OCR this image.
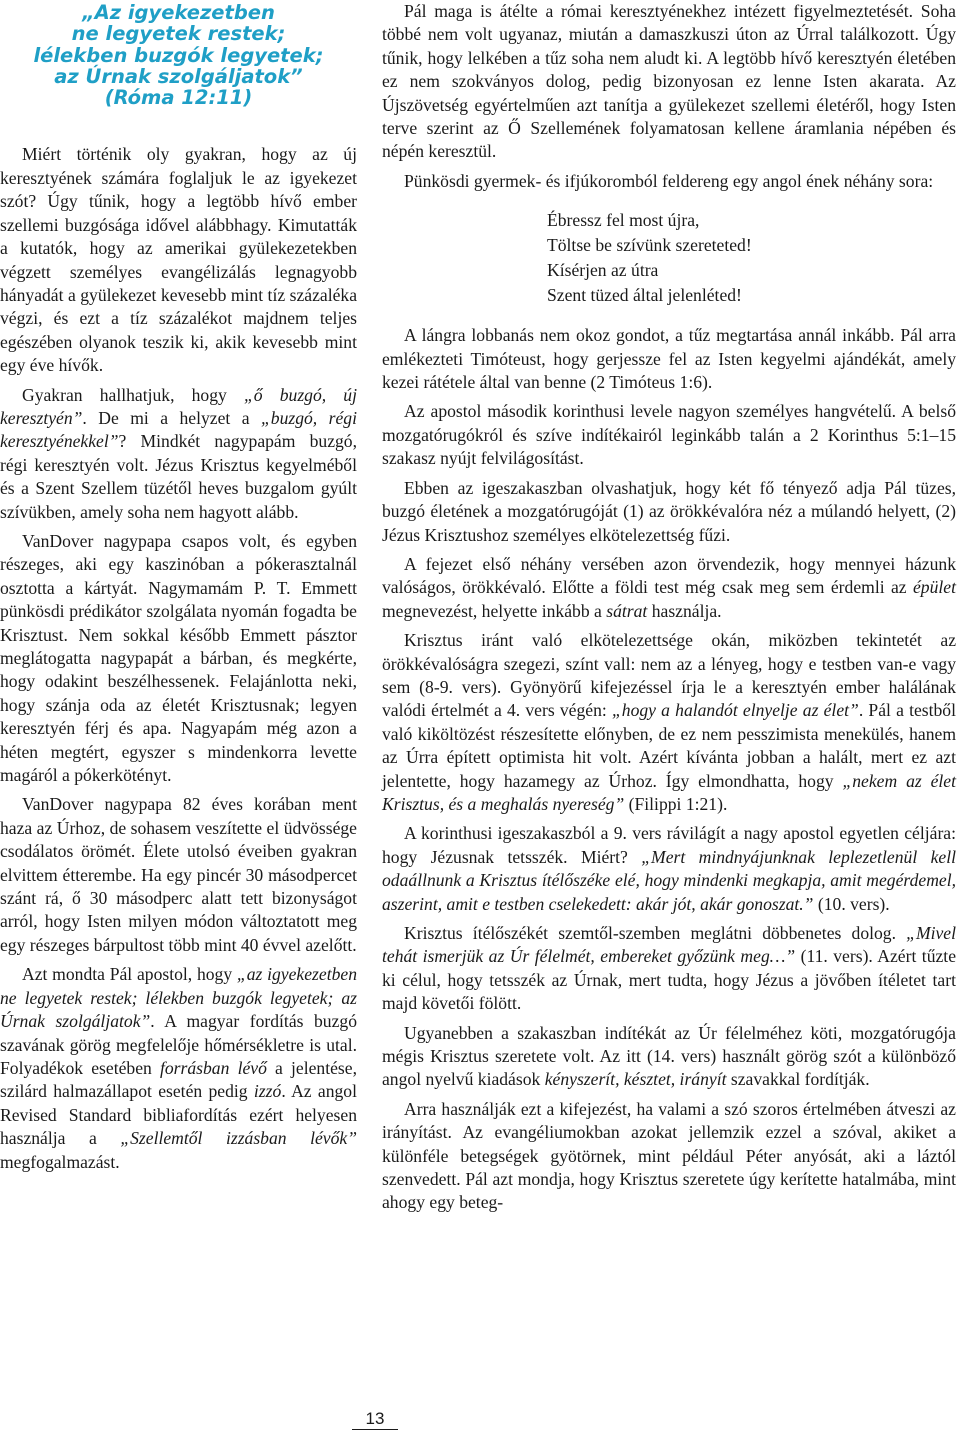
„Az igyekezetben
ne legyetek restek;
lélekben buzgók legyetek;
az Úrnak szolgáljatok”
(Róma 12:11)

Miért történik oly gyakran, hogy az új keresztyének számára foglaljuk le az igyekezet szót? Úgy tűnik, hogy a legtöbb hívő ember szellemi buzgósága idővel alábbhagy. Kimutatták a kutatók, hogy az amerikai gyülekezetekben végzett személyes evangélizálás legnagyobb hányadát a gyülekezet kevesebb mint tíz százaléka végzi, és ezt a tíz százalékot majdnem teljes egészében olyanok teszik ki, akik kevesebb mint egy éve hívők.

Gyakran hallhatjuk, hogy „ő buzgó, új keresztyén”. De mi a helyzet a „buzgó, régi keresztyénekkel”? Mindkét nagypapám buzgó, régi keresztyén volt. Jézus Krisztus kegyelméből és a Szent Szellem tüzétől heves buzgalom gyúlt szívükben, amely soha nem hagyott alább.

VanDover nagypapa csapos volt, és egyben részeges, aki egy kaszinóban a pókerasztalnál osztotta a kártyát. Nagymamám P. T. Emmett pünkösdi prédikátor szolgálata nyomán fogadta be Krisztust. Nem sokkal később Emmett pásztor meglátogatta nagypapát a bárban, és megkérte, hogy odakint beszélhessenek. Felajánlotta neki, hogy szánja oda az életét Krisztusnak; legyen keresztyén férj és apa. Nagyapám még azon a héten megtért, egyszer s mindenkorra levette magáról a pókerkötényt.

VanDover nagypapa 82 éves korában ment haza az Úrhoz, de sohasem veszítette el üdvössége csodálatos örömét. Élete utolsó éveiben gyakran elvittem étterembe. Ha egy pincér 30 másodpercet szánt rá, ő 30 másodperc alatt tett bizonyságot arról, hogy Isten milyen módon változtatott meg egy részeges bárpultost több mint 40 évvel azelőtt.

Azt mondta Pál apostol, hogy „az igyekezetben ne legyetek restek; lélekben buzgók legyetek; az Úrnak szolgáljatok”. A magyar fordítás buzgó szavának görög megfelelője hőmérsékletre is utal. Folyadékok esetében forrásban lévő a jelentése, szilárd halmazállapot esetén pedig izzó. Az angol Revised Standard bibliafordítás ezért helyesen használja a „Szellemtől izzásban lévők” megfogalmazást.

Pál maga is átélte a római keresztyénekhez intézett figyelmeztetését. Soha többé nem volt ugyanaz, miután a damaszkuszi úton az Úrral találkozott. Úgy tűnik, hogy lelkében a tűz soha nem aludt ki. A legtöbb hívő keresztyén életében ez nem szokványos dolog, pedig bizonyosan ez lenne Isten akarata. Az Újszövetség egyértelműen azt tanítja a gyülekezet szellemi életéről, hogy Isten terve szerint az Ő Szellemének folyamatosan kellene áramlania népében és népén keresztül.

Pünkösdi gyermek- és ifjúkoromból feldereng egy angol ének néhány sora:

Ébressz fel most újra,
Töltse be szívünk szereteted!
Kísérjen az útra
Szent tüzed által jelenléted!

A lángra lobbanás nem okoz gondot, a tűz megtartása annál inkább. Pál arra emlékezteti Timóteust, hogy gerjessze fel az Isten kegyelmi ajándékát, amely kezei rátétele által van benne (2 Timóteus 1:6).

Az apostol második korinthusi levele nagyon személyes hangvételű. A belső mozgatórugókról és szíve indítékairól leginkább talán a 2 Korinthus 5:1–15 szakasz nyújt felvilágosítást.

Ebben az igeszakaszban olvashatjuk, hogy két fő tényező adja Pál tüzes, buzgó életének a mozgatórugóját (1) az örökkévalóra néz a múlandó helyett, (2) Jézus Krisztushoz személyes elkötelezettség fűzi.

A fejezet első néhány versében azon örvendezik, hogy mennyei házunk valóságos, örökkévaló. Előtte a földi test még csak meg sem érdemli az épület megnevezést, helyette inkább a sátrat használja.

Krisztus iránt való elkötelezettsége okán, miközben tekintetét az örökkévalóságra szegezi, színt vall: nem az a lényeg, hogy e testben van-e vagy sem (8-9. vers). Gyönyörű kifejezéssel írja le a keresztyén ember halálának valódi értelmét a 4. vers végén: „hogy a halandót elnyelje az élet”. Pál a testből való kiköltözést részesítette előnyben, de ez nem pesszimista menekülés, hanem az Úrra épített optimista hit volt. Azért kívánta jobban a halált, mert ez azt jelentette, hogy hazamegy az Úrhoz. Így elmondhatta, hogy „nekem az élet Krisztus, és a meghalás nyereség” (Filippi 1:21).

A korinthusi igeszakaszból a 9. vers rávilágít a nagy apostol egyetlen céljára: hogy Jézusnak tetsszék. Miért? „Mert mindnyájunknak leplezetlenül kell odaállnunk a Krisztus ítélőszéke elé, hogy mindenki megkapja, amit megérdemel, aszerint, amit e testben cselekedett: akár jót, akár gonoszat.” (10. vers).

Krisztus ítélőszékét szemtől-szemben meglátni döbbenetes dolog. „Mivel tehát ismerjük az Úr félelmét, embereket győzünk meg…” (11. vers). Azért tűzte ki célul, hogy tetsszék az Úrnak, mert tudta, hogy Jézus a jövőben ítéletet tart majd követői fölött.

Ugyanebben a szakaszban indítékát az Úr félelméhez köti, mozgatórugója mégis Krisztus szeretete volt. Az itt (14. vers) használt görög szót a különböző angol nyelvű kiadások kényszerít, késztet, irányít szavakkal fordítják.

Arra használják ezt a kifejezést, ha valami a szó szoros értelmében átveszi az irányítást. Az evangéliumokban azokat jellemzik ezzel a szóval, akiket a különféle betegségek gyötörnek, mint például Péter anyósát, aki a láztól szenvedett. Pál azt mondja, hogy Krisztus szeretete úgy kerítette hatalmába, mint ahogy egy beteg-

13
